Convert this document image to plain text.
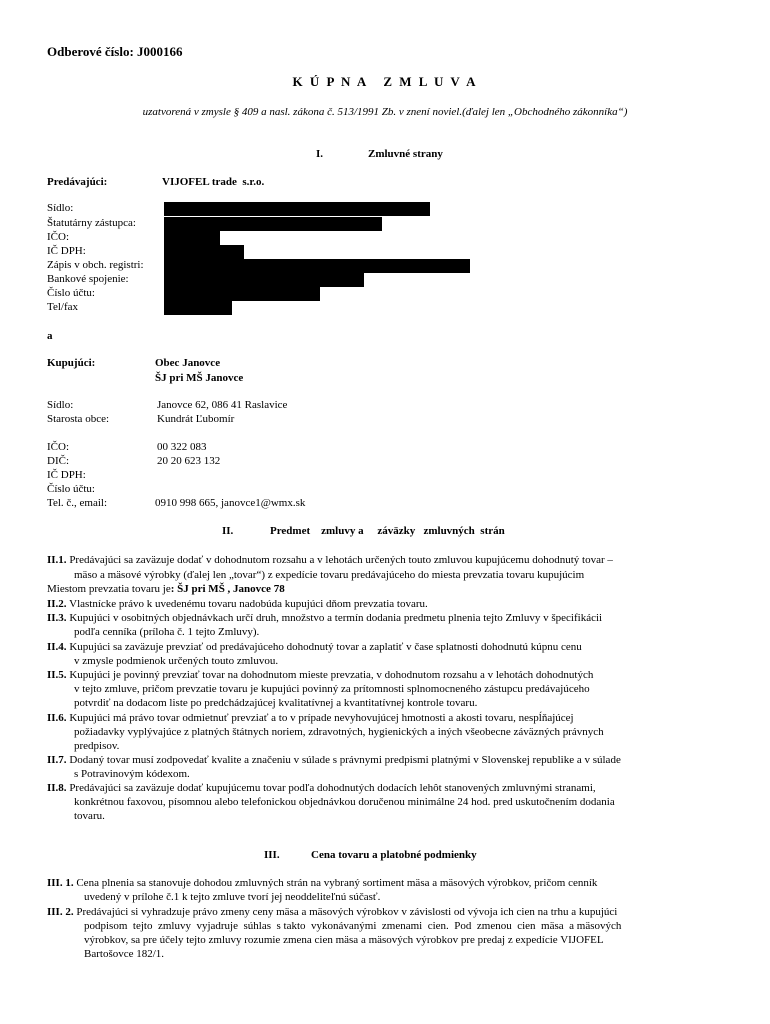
Odberové číslo: J000166
K Ú P N A   Z M L U V A
uzatvorená v zmysle § 409 a nasl. zákona č. 513/1991 Zb. v znení noviel.(ďalej len „Obchodného zákonníka“)
I.	Zmluvné strany
Predávajúci:	VIJOFEL trade  s.r.o.
Sídlo:
Štatutárny zástupca:
IČO:
IČ DPH:
Zápis v obch. registri:
Bankové spojenie:
Číslo účtu:
Tel/fax
a
Kupujúci:	Obec Janovce
ŠJ pri MŠ Janovce
Sídlo:	Janovce 62, 086 41 Raslavice
Starosta obce:	Kundrát Ľubomír
IČO:	00 322 083
DIČ:	20 20 623 132
IČ DPH:
Číslo účtu:
Tel. č., email:	0910 998 665, janovce1@wmx.sk
II.	Predmet    zmluvy a     záväzky   zmluvných  strán
II.1. Predávajúci sa zaväzuje dodať v dohodnutom rozsahu a v lehotách určených touto zmluvou kupujúcemu dohodnutý tovar –
mäso a mäsové výrobky (ďalej len „tovar“) z expedície tovaru predávajúceho do miesta prevzatia tovaru kupujúcim
Miestom prevzatia tovaru je: ŠJ pri MŠ , Janovce 78
II.2. Vlastnícke právo k uvedenému tovaru nadobúda kupujúci dňom prevzatia tovaru.
II.3. Kupujúci v osobitných objednávkach určí druh, množstvo a termín dodania predmetu plnenia tejto Zmluvy v špecifikácii
podľa cenníka (príloha č. 1 tejto Zmluvy).
II.4. Kupujúci sa zaväzuje prevziať od predávajúceho dohodnutý tovar a zaplatiť v čase splatnosti dohodnutú kúpnu cenu
v zmysle podmienok určených touto zmluvou.
II.5. Kupujúci je povinný prevziať tovar na dohodnutom mieste prevzatia, v dohodnutom rozsahu a v lehotách dohodnutých
v tejto zmluve, pričom prevzatie tovaru je kupujúci povinný za prítomnosti splnomocneného zástupcu predávajúceho
potvrdiť na dodacom liste po predchádzajúcej kvalitatívnej a kvantitatívnej kontrole tovaru.
II.6. Kupujúci má právo tovar odmietnuť prevziať a to v prípade nevyhovujúcej hmotnosti a akosti tovaru, nespĺňajúcej
požiadavky vyplývajúce z platných štátnych noriem, zdravotných, hygienických a iných všeobecne záväzných právnych
predpisov.
II.7. Dodaný tovar musí zodpovedať kvalite a značeniu v súlade s právnymi predpismi platnými v Slovenskej republike a v súlade
s Potravinovým kódexom.
II.8. Predávajúci sa zaväzuje dodať kupujúcemu tovar podľa dohodnutých dodacích lehôt stanovených zmluvnými stranami,
konkrétnou faxovou, písomnou alebo telefonickou objednávkou doručenou minimálne 24 hod. pred uskutočnením dodania
tovaru.
III.	Cena tovaru a platobné podmienky
III. 1. Cena plnenia sa stanovuje dohodou zmluvných strán na vybraný sortiment mäsa a mäsových výrobkov, pričom cenník
uvedený v prílohe č.1 k tejto zmluve tvorí jej neoddeliteľnú súčasť.
III. 2. Predávajúci si vyhradzuje právo zmeny ceny mäsa a mäsových výrobkov v závislosti od vývoja ich cien na trhu a kupujúci
podpisom  tejto  zmluvy  vyjadruje  súhlas  s takto  vykonávanými  zmenami  cien.  Pod  zmenou  cien  mäsa  a mäsových
výrobkov, sa pre účely tejto zmluvy rozumie zmena cien mäsa a mäsových výrobkov pre predaj z expedície VIJOFEL
Bartošovce 182/1.
